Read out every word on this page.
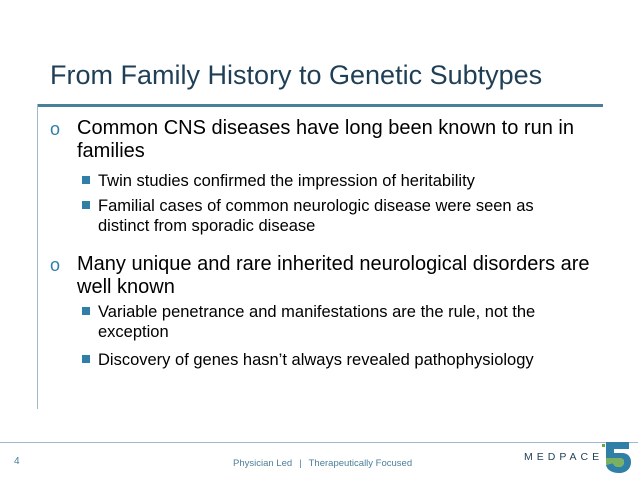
From Family History to Genetic Subtypes
o Common CNS diseases have long been known to run in families
Twin studies confirmed the impression of heritability
Familial cases of common neurologic disease were seen as distinct from sporadic disease
o Many unique and rare inherited neurological disorders are well known
Variable penetrance and manifestations are the rule, not the exception
Discovery of genes hasn’t always revealed pathophysiology
4	Physician Led | Therapeutically Focused
MEDPACE
